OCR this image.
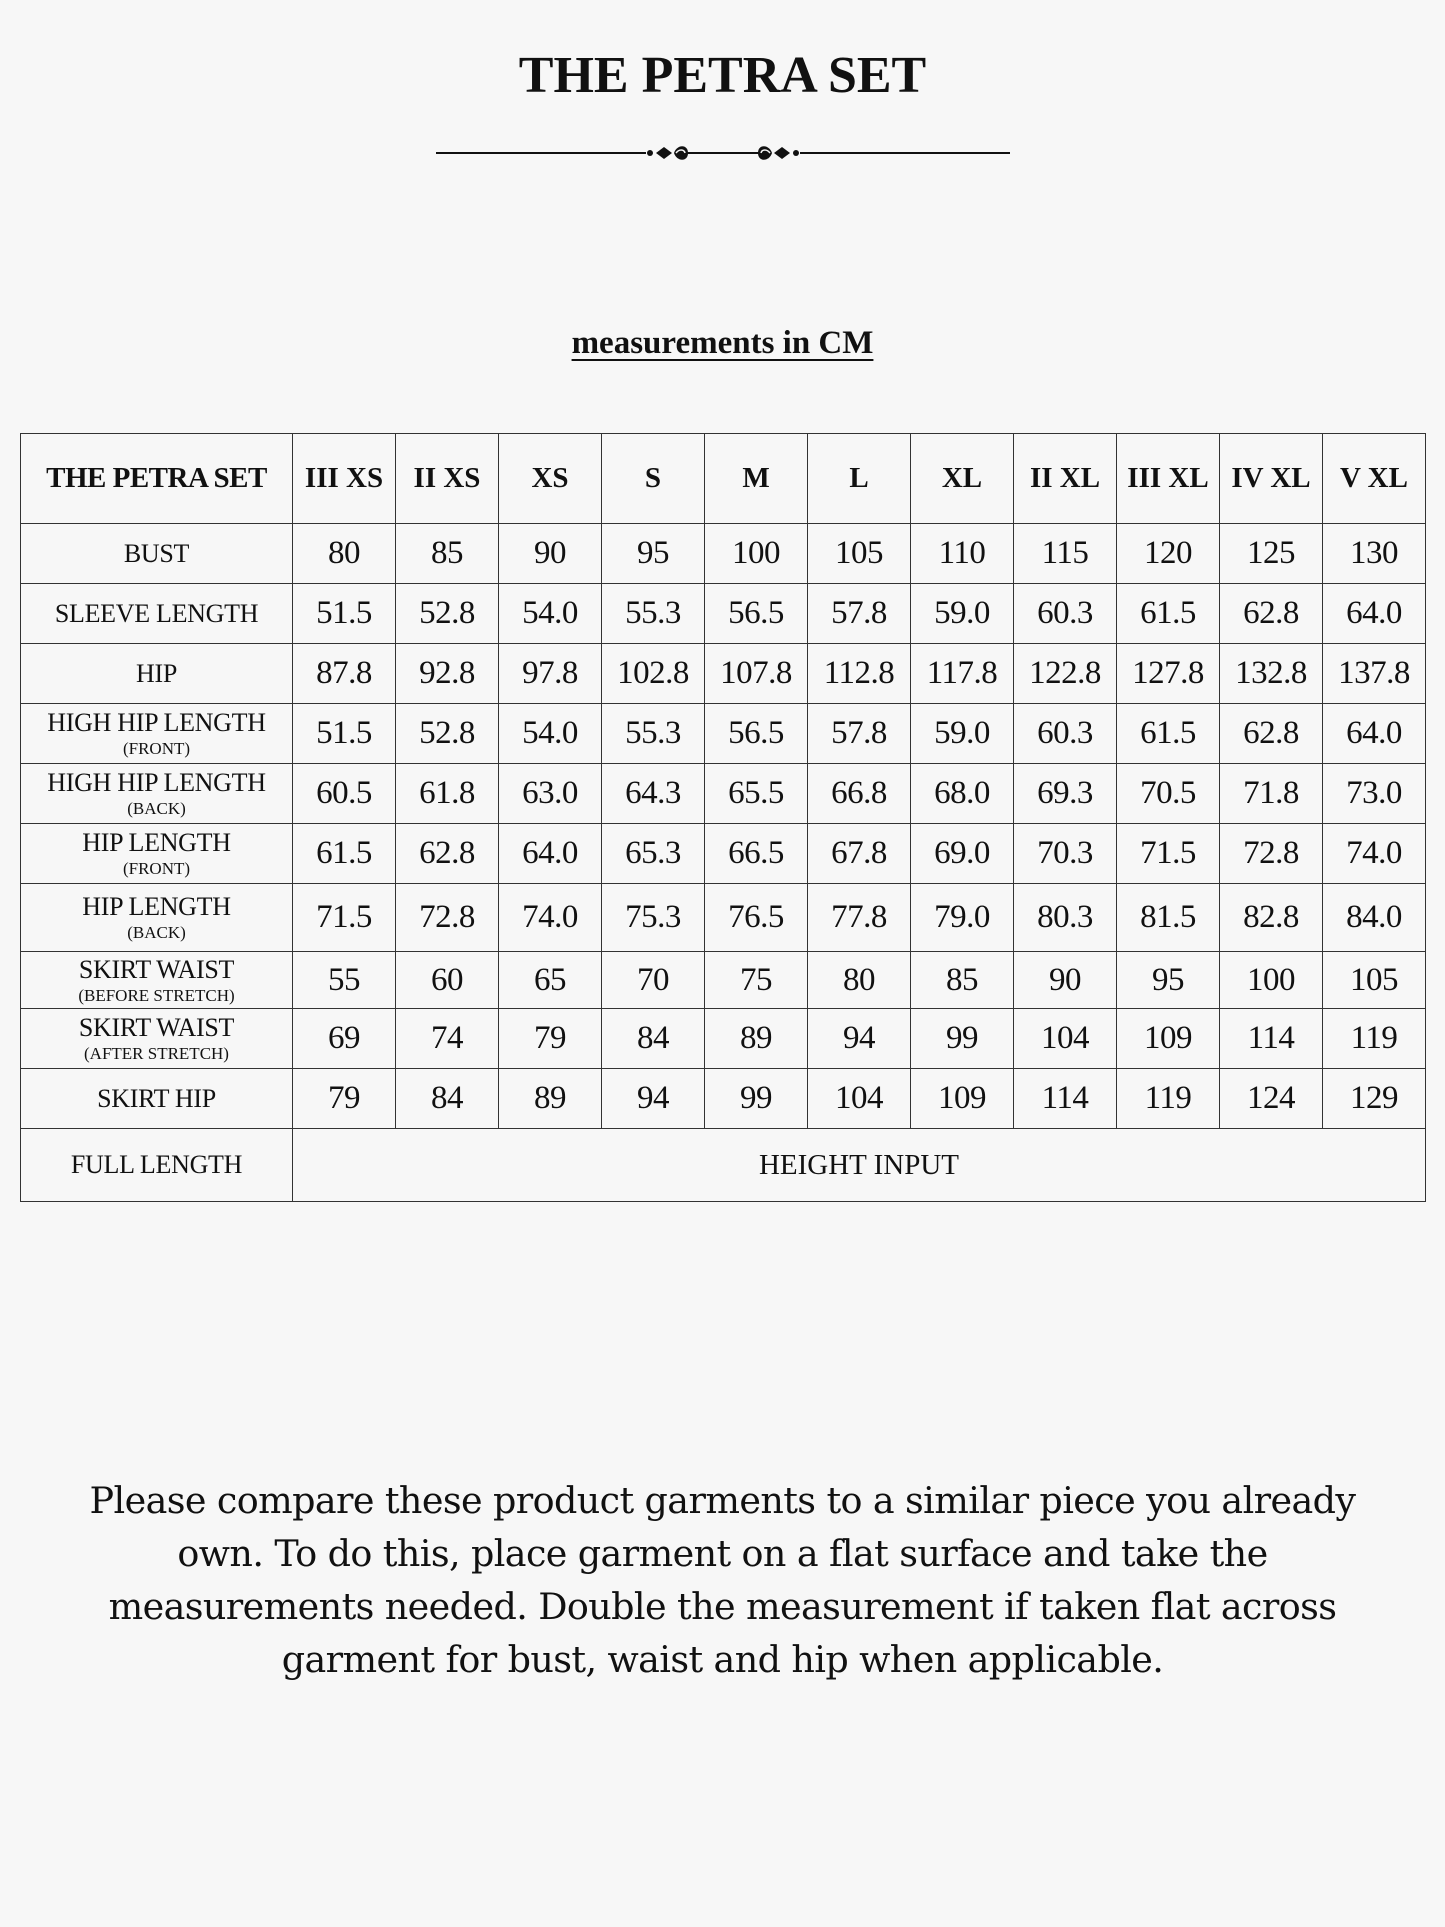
THE PETRA SET
measurements in CM
THE PETRA SET	III XS	II XS	XS	S	M	L	XL	II XL	III XL	IV XL	V XL
BUST	80	85	90	95	100	105	110	115	120	125	130
SLEEVE LENGTH	51.5	52.8	54.0	55.3	56.5	57.8	59.0	60.3	61.5	62.8	64.0
HIP	87.8	92.8	97.8	102.8	107.8	112.8	117.8	122.8	127.8	132.8	137.8
HIGH HIP LENGTH
(FRONT)	51.5	52.8	54.0	55.3	56.5	57.8	59.0	60.3	61.5	62.8	64.0
HIGH HIP LENGTH
(BACK)	60.5	61.8	63.0	64.3	65.5	66.8	68.0	69.3	70.5	71.8	73.0
HIP LENGTH
(FRONT)	61.5	62.8	64.0	65.3	66.5	67.8	69.0	70.3	71.5	72.8	74.0
HIP LENGTH
(BACK)	71.5	72.8	74.0	75.3	76.5	77.8	79.0	80.3	81.5	82.8	84.0
SKIRT WAIST
(BEFORE STRETCH)	55	60	65	70	75	80	85	90	95	100	105
SKIRT WAIST
(AFTER STRETCH)	69	74	79	84	89	94	99	104	109	114	119
SKIRT HIP	79	84	89	94	99	104	109	114	119	124	129
FULL LENGTH	HEIGHT INPUT										

Please compare these product garments to a similar piece you already own. To do this, place garment on a flat surface and take the measurements needed. Double the measurement if taken flat across garment for bust, waist and hip when applicable.
